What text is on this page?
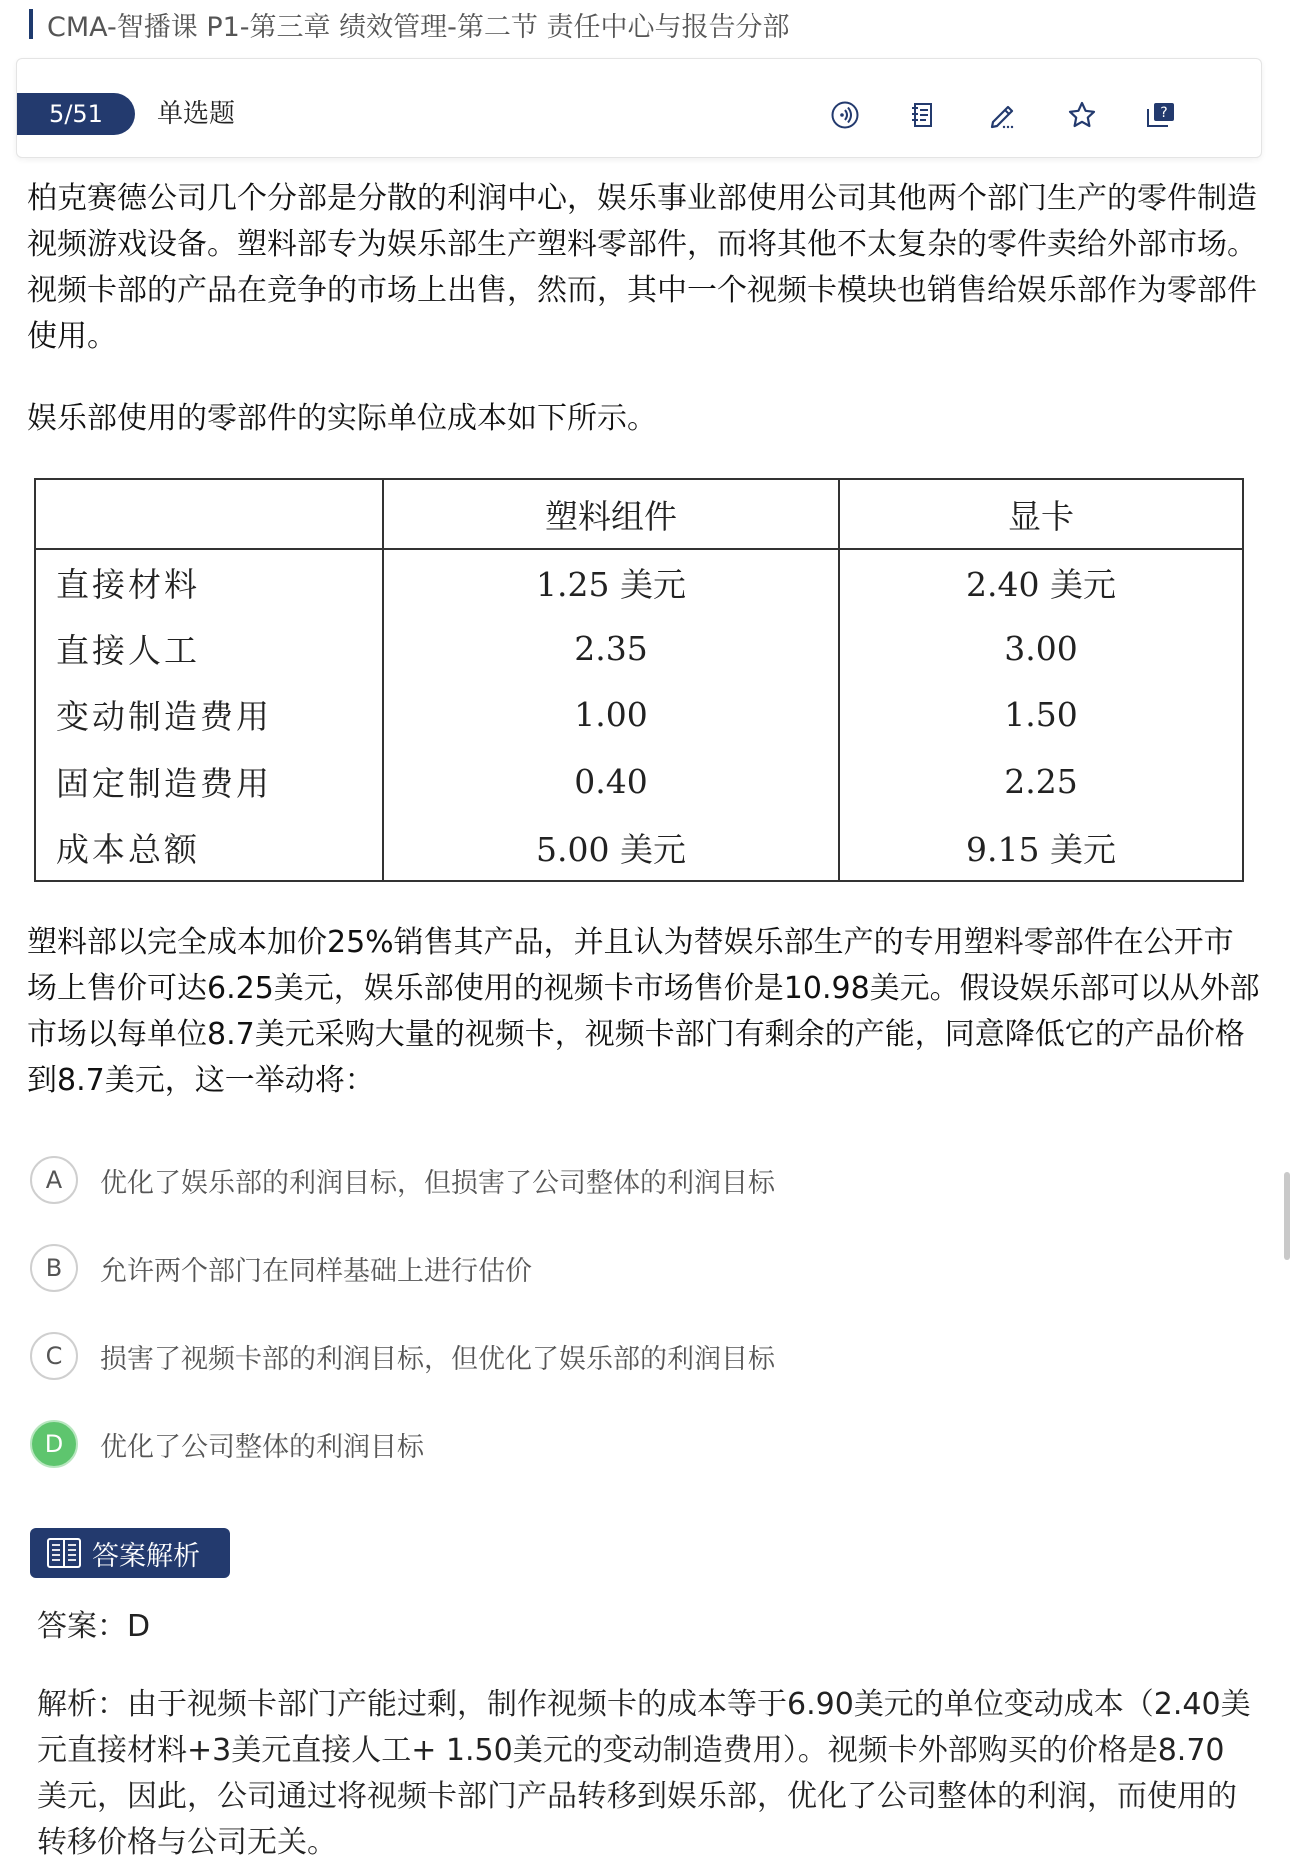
CMA-智播课 P1-第三章 绩效管理-第二节 责任中心与报告分部
5/51	单选题	?
柏克赛德公司几个分部是分散的利润中心，娱乐事业部使用公司其他两个部门生产的零件制造视频游戏设备。塑料部专为娱乐部生产塑料零部件，而将其他不太复杂的零件卖给外部市场。视频卡部的产品在竞争的市场上出售，然而，其中一个视频卡模块也销售给娱乐部作为零部件使用。
娱乐部使用的零部件的实际单位成本如下所示。
	塑料组件	显卡
直接材料	1.25 美元	2.40 美元
直接人工	2.35	3.00
变动制造费用	1.00	1.50
固定制造费用	0.40	2.25
成本总额	5.00 美元	9.15 美元
塑料部以完全成本加价25%销售其产品，并且认为替娱乐部生产的专用塑料零部件在公开市场上售价可达6.25美元，娱乐部使用的视频卡市场售价是10.98美元。假设娱乐部可以从外部市场以每单位8.7美元采购大量的视频卡，视频卡部门有剩余的产能，同意降低它的产品价格到8.7美元，这一举动将：
A	优化了娱乐部的利润目标，但损害了公司整体的利润目标
B	允许两个部门在同样基础上进行估价
C	损害了视频卡部的利润目标，但优化了娱乐部的利润目标
D	优化了公司整体的利润目标
答案解析
答案：D
解析：由于视频卡部门产能过剩，制作视频卡的成本等于6.90美元的单位变动成本（2.40美元直接材料+3美元直接人工+ 1.50美元的变动制造费用）。视频卡外部购买的价格是8.70美元，因此，公司通过将视频卡部门产品转移到娱乐部，优化了公司整体的利润，而使用的转移价格与公司无关。
